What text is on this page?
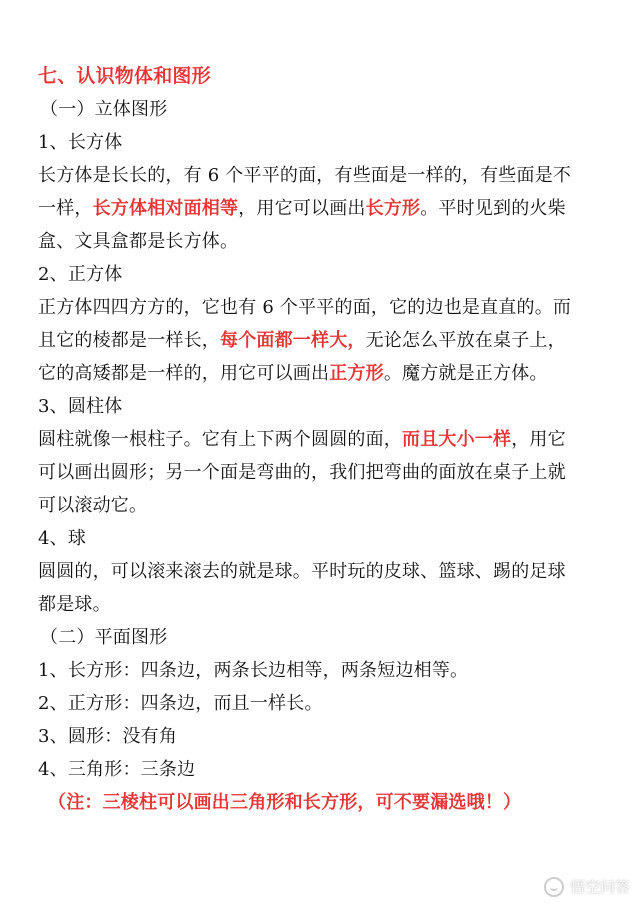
七、认识物体和图形
（一）立体图形
1、长方体
长方体是长长的，有 6 个平平的面，有些面是一样的，有些面是不
一样，长方体相对面相等，用它可以画出长方形。平时见到的火柴
盒、文具盒都是长方体。
2、正方体
正方体四四方方的，它也有 6 个平平的面，它的边也是直直的。而
且它的棱都是一样长，每个面都一样大，无论怎么平放在桌子上，
它的高矮都是一样的，用它可以画出正方形。魔方就是正方体。
3、圆柱体
圆柱就像一根柱子。它有上下两个圆圆的面，而且大小一样，用它
可以画出圆形；另一个面是弯曲的，我们把弯曲的面放在桌子上就
可以滚动它。
4、球
圆圆的，可以滚来滚去的就是球。平时玩的皮球、篮球、踢的足球
都是球。
（二）平面图形
1、长方形：四条边，两条长边相等，两条短边相等。
2、正方形：四条边，而且一样长。
3、圆形：没有角
4、三角形：三条边
（注：三棱柱可以画出三角形和长方形，可不要漏选哦！）
悟空问答
